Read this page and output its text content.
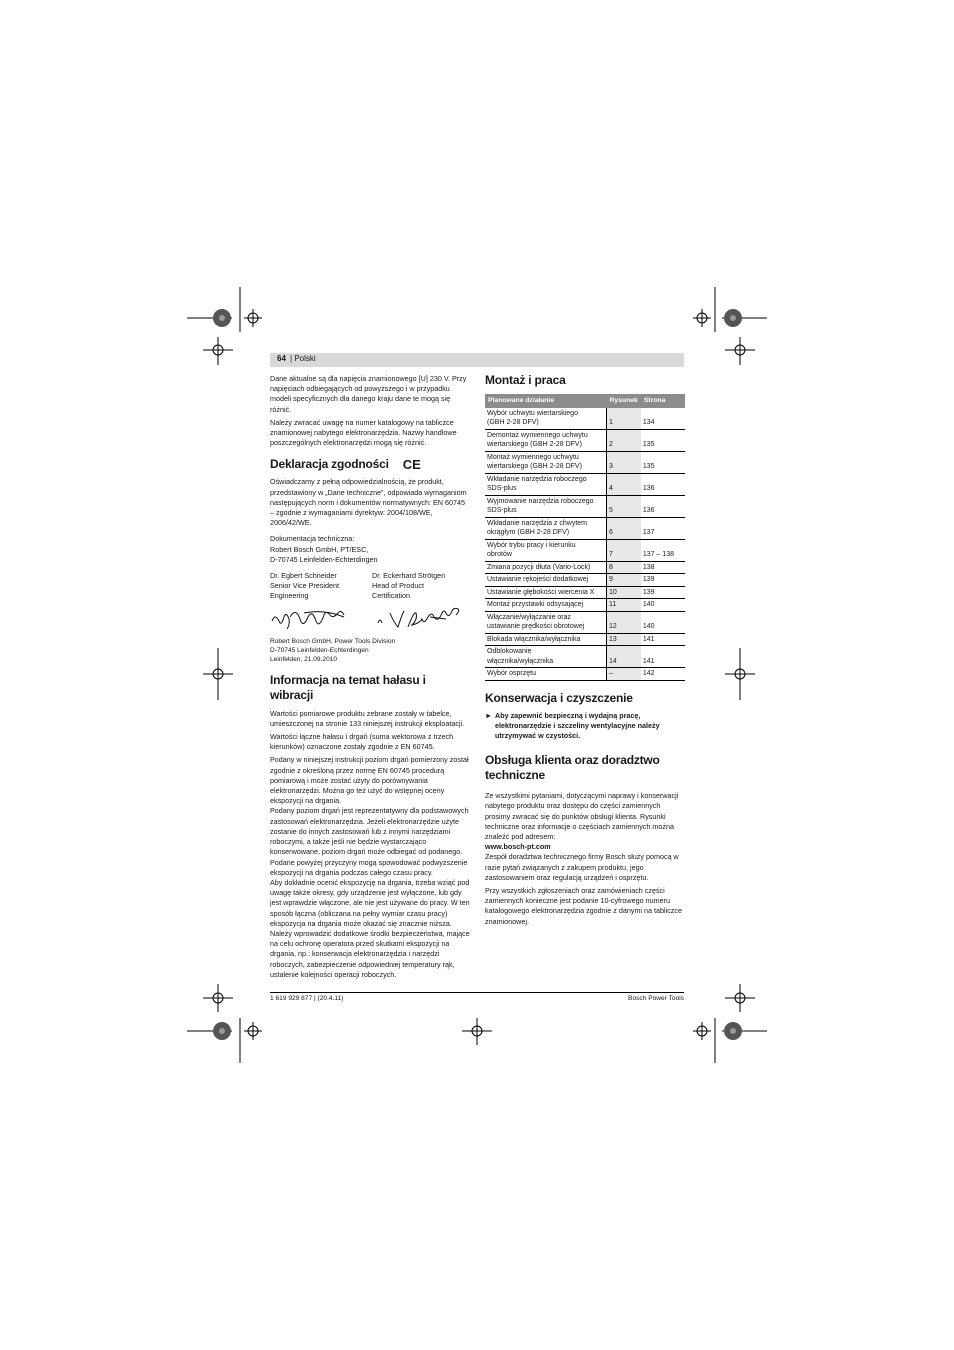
64 | Polski

Dane aktualne są dla napięcia znamionowego [U] 230 V. Przy napięciach odbiegających od powyższego i w przypadku modeli specyficznych dla danego kraju dane te mogą się różnić.

Należy zwracać uwagę na numer katalogowy na tabliczce znamionowej nabytego elektronarzędzia. Nazwy handlowe poszczególnych elektronarzędzi mogą się różnić.

Deklaracja zgodności CE

Oświadczamy z pełną odpowiedzialnością, że produkt, przedstawiony w „Dane techniczne”, odpowiada wymaganiom następujących norm i dokumentów normatywnych: EN 60745 – zgodnie z wymaganiami dyrektyw: 2004/108/WE, 2006/42/WE.

Dokumentacja techniczna:
Robert Bosch GmbH, PT/ESC,
D-70745 Leinfelden-Echterdingen

Dr. Egbert Schneider
Senior Vice President
Engineering
Dr. Eckerhard Strötgen
Head of Product
Certification

Robert Bosch GmbH, Power Tools Division
D-70745 Leinfelden-Echterdingen
Leinfelden, 21.09.2010

Informacja na temat hałasu i wibracji

Wartości pomiarowe produktu zebrane zostały w tabelce, umieszczonej na stronie 133 niniejszej instrukcji eksploatacji.

Wartości łączne hałasu i drgań (suma wektorowa z trzech kierunków) oznaczone zostały zgodnie z EN 60745.

Podany w niniejszej instrukcji poziom drgań pomierzony został zgodnie z określoną przez normę EN 60745 procedurą pomiarową i może zostać użyty do porównywania elektronarzędzi. Można go też użyć do wstępnej oceny ekspozycji na drgania.
Podany poziom drgań jest reprezentatywny dla podstawowych zastosowań elektronarzędzia. Jeżeli elektronarzędzie użyte zostanie do innych zastosowań lub z innymi narzędziami roboczymi, a także jeśli nie będzie wystarczająco konserwowane, poziom drgań może odbiegać od podanego. Podane powyżej przyczyny mogą spowodować podwyższenie ekspozycji na drgania podczas całego czasu pracy.
Aby dokładnie ocenić ekspozycję na drgania, trzeba wziąć pod uwagę także okresy, gdy urządzenie jest wyłączone, lub gdy jest wprawdzie włączone, ale nie jest używane do pracy. W ten sposób łączna (obliczana na pełny wymiar czasu pracy) ekspozycja na drgania może okazać się znacznie niższa.
Należy wprowadzić dodatkowe środki bezpieczeństwa, mające na celu ochronę operatora przed skutkami ekspozycji na drgania, np.: konserwacja elektronarzędzia i narzędzi roboczych, zabezpieczenie odpowiedniej temperatury rąk, ustalenie kolejności operacji roboczych.

Montaż i praca
Planowane działanie	Rysunek	Strona
Wybór uchwytu wiertarskiego
(GBH 2-28 DFV)	1	134
Demontaż wymiennego uchwytu
wiertarskiego (GBH 2-28 DFV)	2	135
Montaż wymiennego uchwytu
wiertarskiego (GBH 2-28 DFV)	3	135
Wkładanie narzędzia roboczego
SDS-plus	4	136
Wyjmowanie narzędzia roboczego
SDS-plus	5	136
Wkładanie narzędzia z chwytem
okrągłym (GBH 2-28 DFV)	6	137
Wybór trybu pracy i kierunku
obrotów	7	137 – 138
Zmiana pozycji dłuta (Vario-Lock)	8	138
Ustawianie rękojeści dodatkowej	9	139
Ustawianie głębokości wiercenia X	10	139
Montaż przystawki odsysającej	11	140
Włączanie/wyłączanie oraz
ustawianie prędkości obrotowej	12	140
Blokada włącznika/wyłącznika	13	141
Odblokowanie
włącznika/wyłącznika	14	141
Wybór osprzętu	–	142
Konserwacja i czyszczenie
► Aby zapewnić bezpieczną i wydajną pracę, elektronarzędzie i szczeliny wentylacyjne należy utrzymywać w czystości.
Obsługa klienta oraz doradztwo techniczne

Ze wszystkimi pytaniami, dotyczącymi naprawy i konserwacji nabytego produktu oraz dostępu do części zamiennych prosimy zwracać się do punktów obsługi klienta. Rysunki techniczne oraz informacje o częściach zamiennych można znaleźć pod adresem:

www.bosch-pt.com

Zespół doradztwa technicznego firmy Bosch służy pomocą w razie pytań związanych z zakupem produktu, jego zastosowaniem oraz regulacją urządzeń i osprzętu.

Przy wszystkich zgłoszeniach oraz zamówieniach części zamiennych konieczne jest podanie 10-cyfrowego numeru katalogowego elektronarzędzia zgodnie z danymi na tabliczce znamionowej.

1 619 929 877 | (20.4.11)	Bosch Power Tools
